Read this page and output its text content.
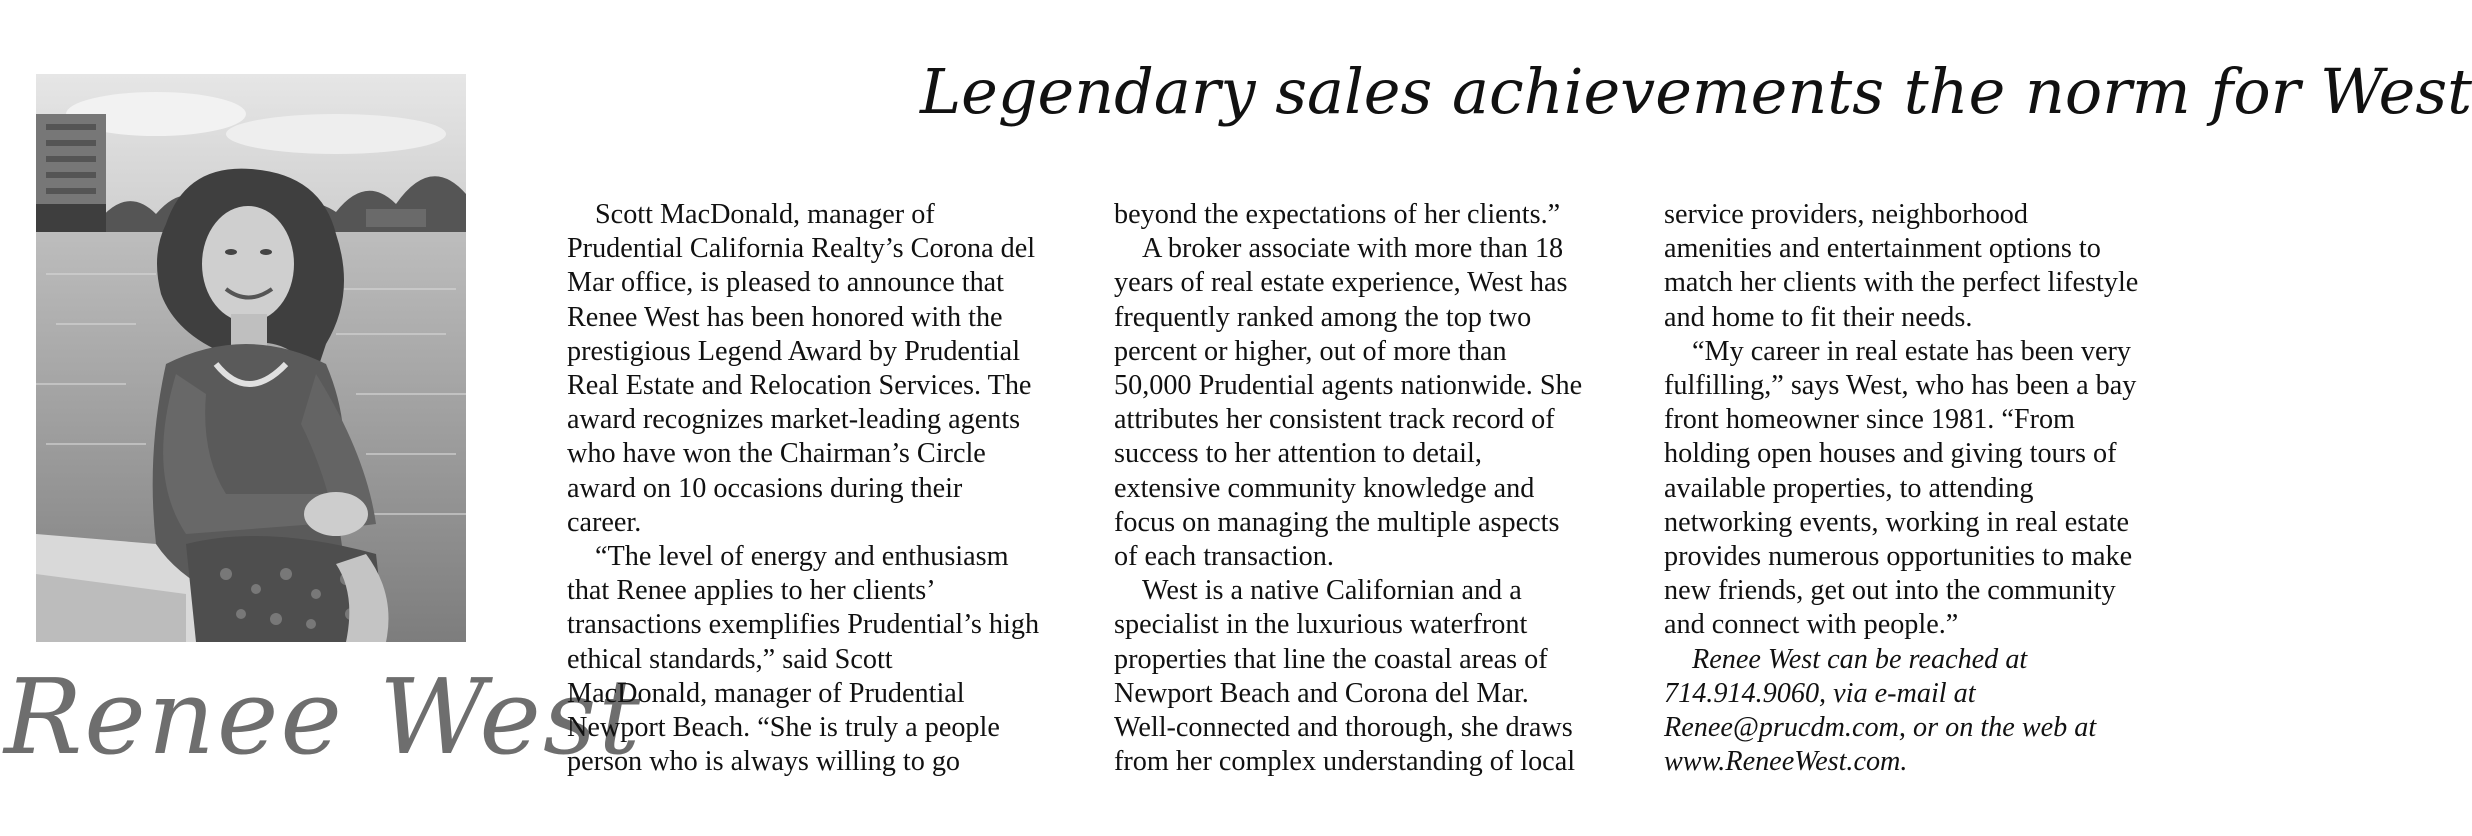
Renee West
Legendary sales achievements the norm for West
Scott MacDonald, manager of
Prudential California Realty’s Corona del
Mar office, is pleased to announce that
Renee West has been honored with the
prestigious Legend Award by Prudential
Real Estate and Relocation Services. The
award recognizes market-leading agents
who have won the Chairman’s Circle
award on 10 occasions during their
career.
“The level of energy and enthusiasm
that Renee applies to her clients’
transactions exemplifies Prudential’s high
ethical standards,” said Scott
MacDonald, manager of Prudential
Newport Beach. “She is truly a people
person who is always willing to go
beyond the expectations of her clients.”
A broker associate with more than 18
years of real estate experience, West has
frequently ranked among the top two
percent or higher, out of more than
50,000 Prudential agents nationwide. She
attributes her consistent track record of
success to her attention to detail,
extensive community knowledge and
focus on managing the multiple aspects
of each transaction.
West is a native Californian and a
specialist in the luxurious waterfront
properties that line the coastal areas of
Newport Beach and Corona del Mar.
Well-connected and thorough, she draws
from her complex understanding of local
service providers, neighborhood
amenities and entertainment options to
match her clients with the perfect lifestyle
and home to fit their needs.
“My career in real estate has been very
fulfilling,” says West, who has been a bay
front homeowner since 1981. “From
holding open houses and giving tours of
available properties, to attending
networking events, working in real estate
provides numerous opportunities to make
new friends, get out into the community
and connect with people.”
Renee West can be reached at
714.914.9060, via e-mail at
Renee@prucdm.com, or on the web at
www.ReneeWest.com.
